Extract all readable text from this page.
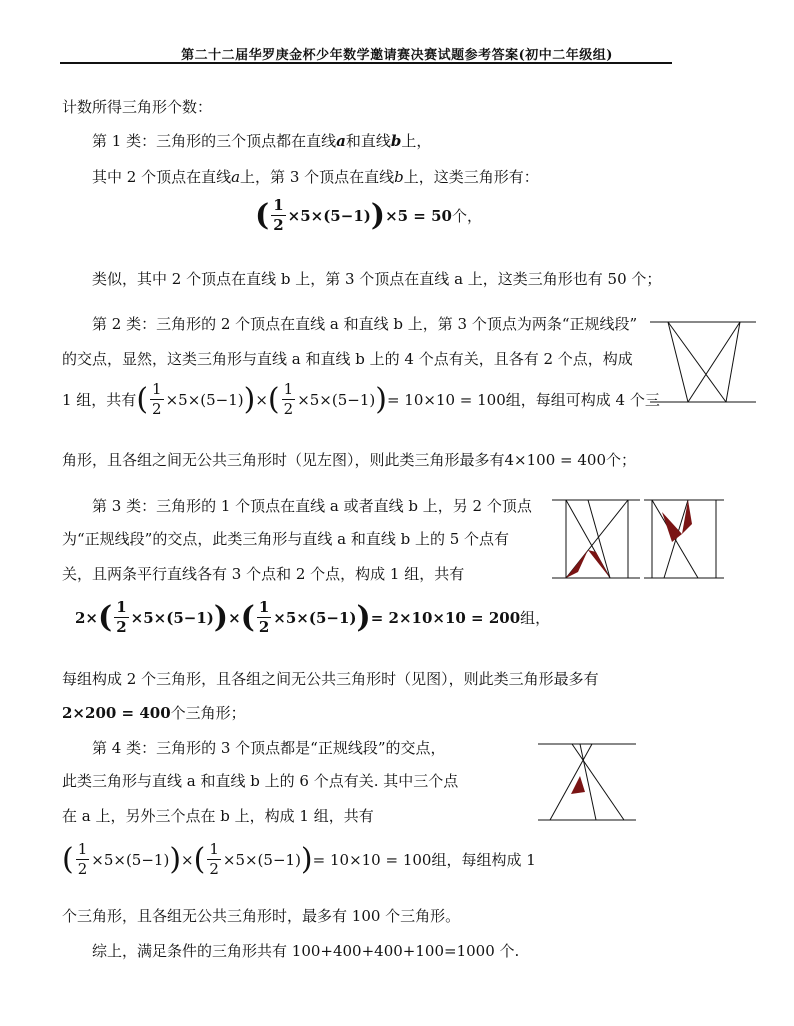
第二十二届华罗庚金杯少年数学邀请赛决赛试题参考答案(初中二年级组)
计数所得三角形个数：
第 1 类：三角形的三个顶点都在直线a和直线b上，
其中 2 个顶点在直线a上，第 3 个顶点在直线b上，这类三角形有：
( $\frac{1}{2} \times 5\times(5-1)$ ) ×5 = 50 个，
类似，其中 2 个顶点在直线 b 上，第 3 个顶点在直线 a 上，这类三角形也有 50 个；
第 2 类：三角形的 2 个顶点在直线 a 和直线 b 上，第 3 个顶点为两条“正规线段”
的交点，显然，这类三角形与直线 a 和直线 b 上的 4 个点有关，且各有 2 个点，构成
1 组，共有 ( $\frac{1}{2} \times 5\times(5-1)$ ) × ( $\frac{1}{2} \times 5\times(5-1)$ ) = 10×10 = 100 组，每组可构成 4 个三
角形，且各组之间无公共三角形时（见左图），则此类三角形最多有4×100 = 400个；
第 3 类：三角形的 1 个顶点在直线 a 或者直线 b 上，另 2 个顶点
为“正规线段”的交点，此类三角形与直线 a 和直线 b 上的 5 个点有
关，且两条平行直线各有 3 个点和 2 个点，构成 1 组，共有
2× ( $\frac{1}{2} \times 5\times(5-1)$ ) × ( $\frac{1}{2} \times 5\times(5-1)$ ) = 2×10×10 = 200 组，
每组构成 2 个三角形，且各组之间无公共三角形时（见图），则此类三角形最多有
2×200 = 400个三角形；
第 4 类：三角形的 3 个顶点都是“正规线段”的交点，
此类三角形与直线 a 和直线 b 上的 6 个点有关. 其中三个点
在 a 上，另外三个点在 b 上，构成 1 组，共有
( $\frac{1}{2} \times 5\times(5-1)$ ) × ( $\frac{1}{2} \times 5\times(5-1)$ ) = 10×10 = 100 组，每组构成 1
个三角形，且各组无公共三角形时，最多有 100 个三角形。
综上，满足条件的三角形共有 100+400+400+100=1000 个.
